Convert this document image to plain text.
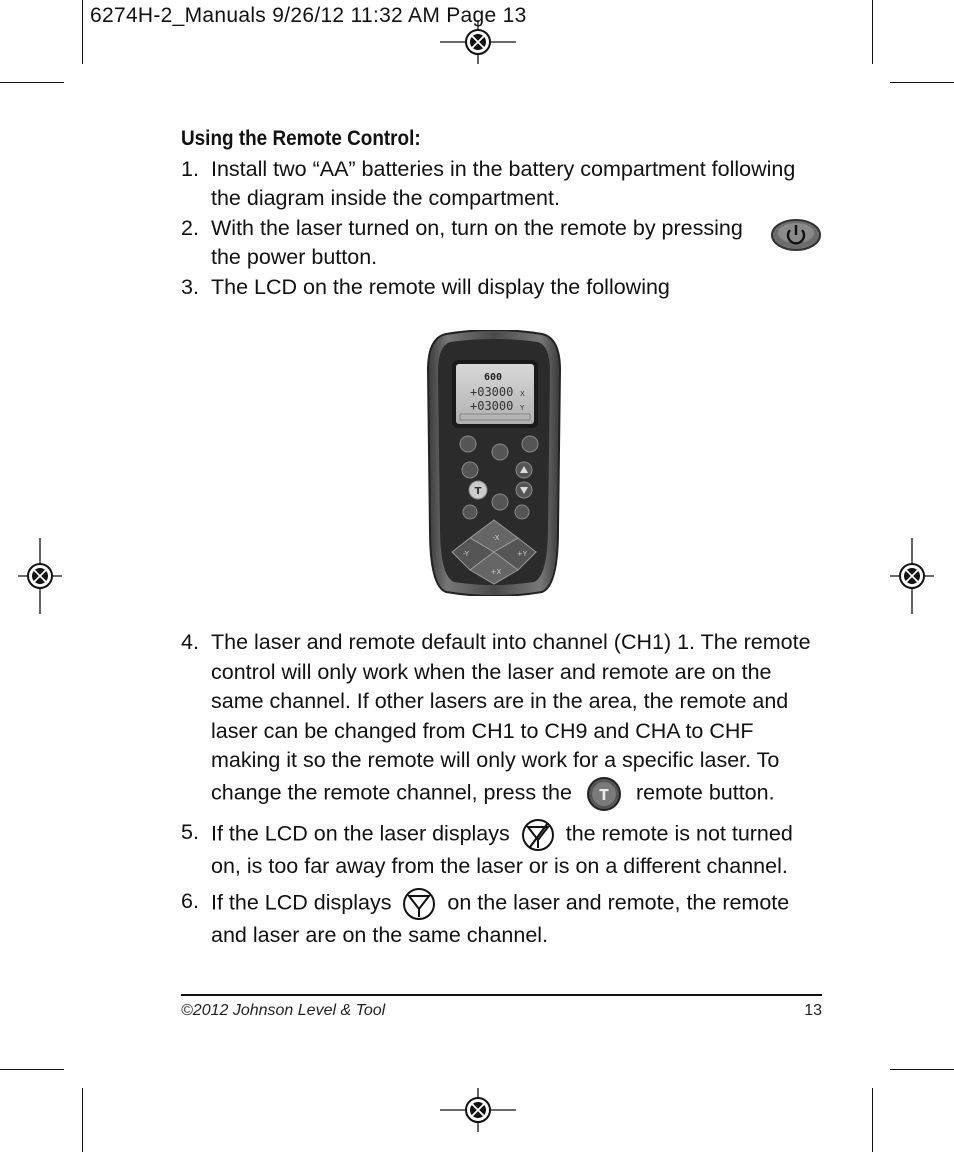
6274H-2_Manuals 9/26/12 11:32 AM Page 13
Using the Remote Control:
1. Install two “AA” batteries in the battery compartment following the diagram inside the compartment.
2. With the laser turned on, turn on the remote by pressing the power button.
3. The LCD on the remote will display the following
4. The laser and remote default into channel (CH1) 1. The remote control will only work when the laser and remote are on the same channel. If other lasers are in the area, the remote and laser can be changed from CH1 to CH9 and CHA to CHF making it so the remote will only work for a specific laser. To change the remote channel, press the T remote button.
5. If the LCD on the laser displays	the remote is not turned on, is too far away from the laser or is on a different channel.
6. If the LCD displays	on the laser and remote, the remote and laser are on the same channel.
600
+03000 X
+03000 Y
T
-X
-Y	+Y
+X
©2012 Johnson Level & Tool	13
